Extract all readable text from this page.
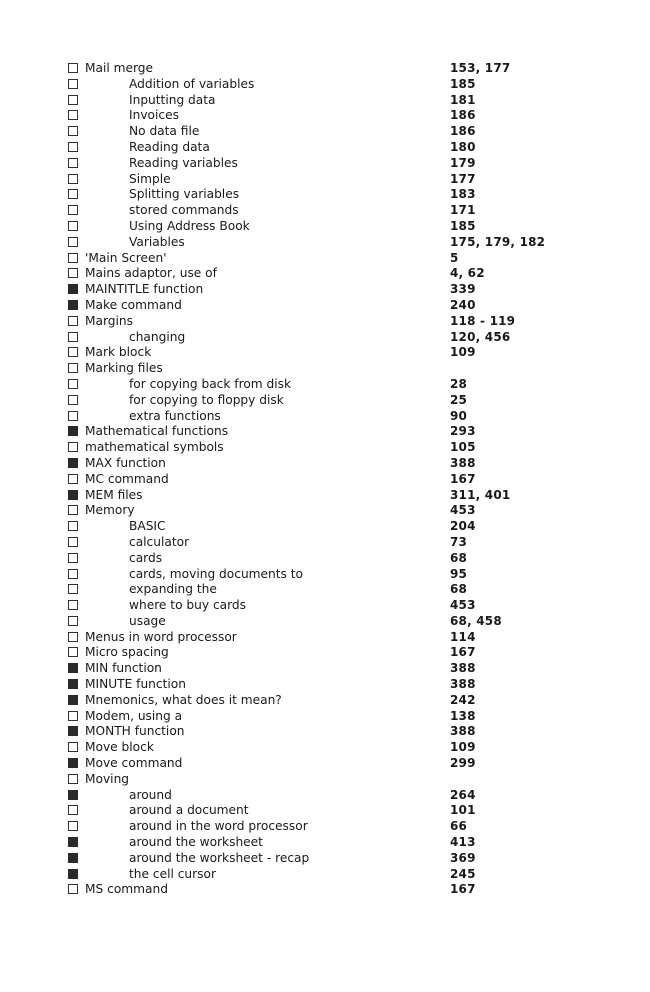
Mail merge	153, 177
Addition of variables	185
Inputting data	181
Invoices	186
No data file	186
Reading data	180
Reading variables	179
Simple	177
Splitting variables	183
stored commands	171
Using Address Book	185
Variables	175, 179, 182
'Main Screen'	5
Mains adaptor, use of	4, 62
MAINTITLE function	339
Make command	240
Margins	118 - 119
changing	120, 456
Mark block	109
Marking files
for copying back from disk	28
for copying to floppy disk	25
extra functions	90
Mathematical functions	293
mathematical symbols	105
MAX function	388
MC command	167
MEM files	311, 401
Memory	453
BASIC	204
calculator	73
cards	68
cards, moving documents to	95
expanding the	68
where to buy cards	453
usage	68, 458
Menus in word processor	114
Micro spacing	167
MIN function	388
MINUTE function	388
Mnemonics, what does it mean?	242
Modem, using a	138
MONTH function	388
Move block	109
Move command	299
Moving
around	264
around a document	101
around in the word processor	66
around the worksheet	413
around the worksheet - recap	369
the cell cursor	245
MS command	167
